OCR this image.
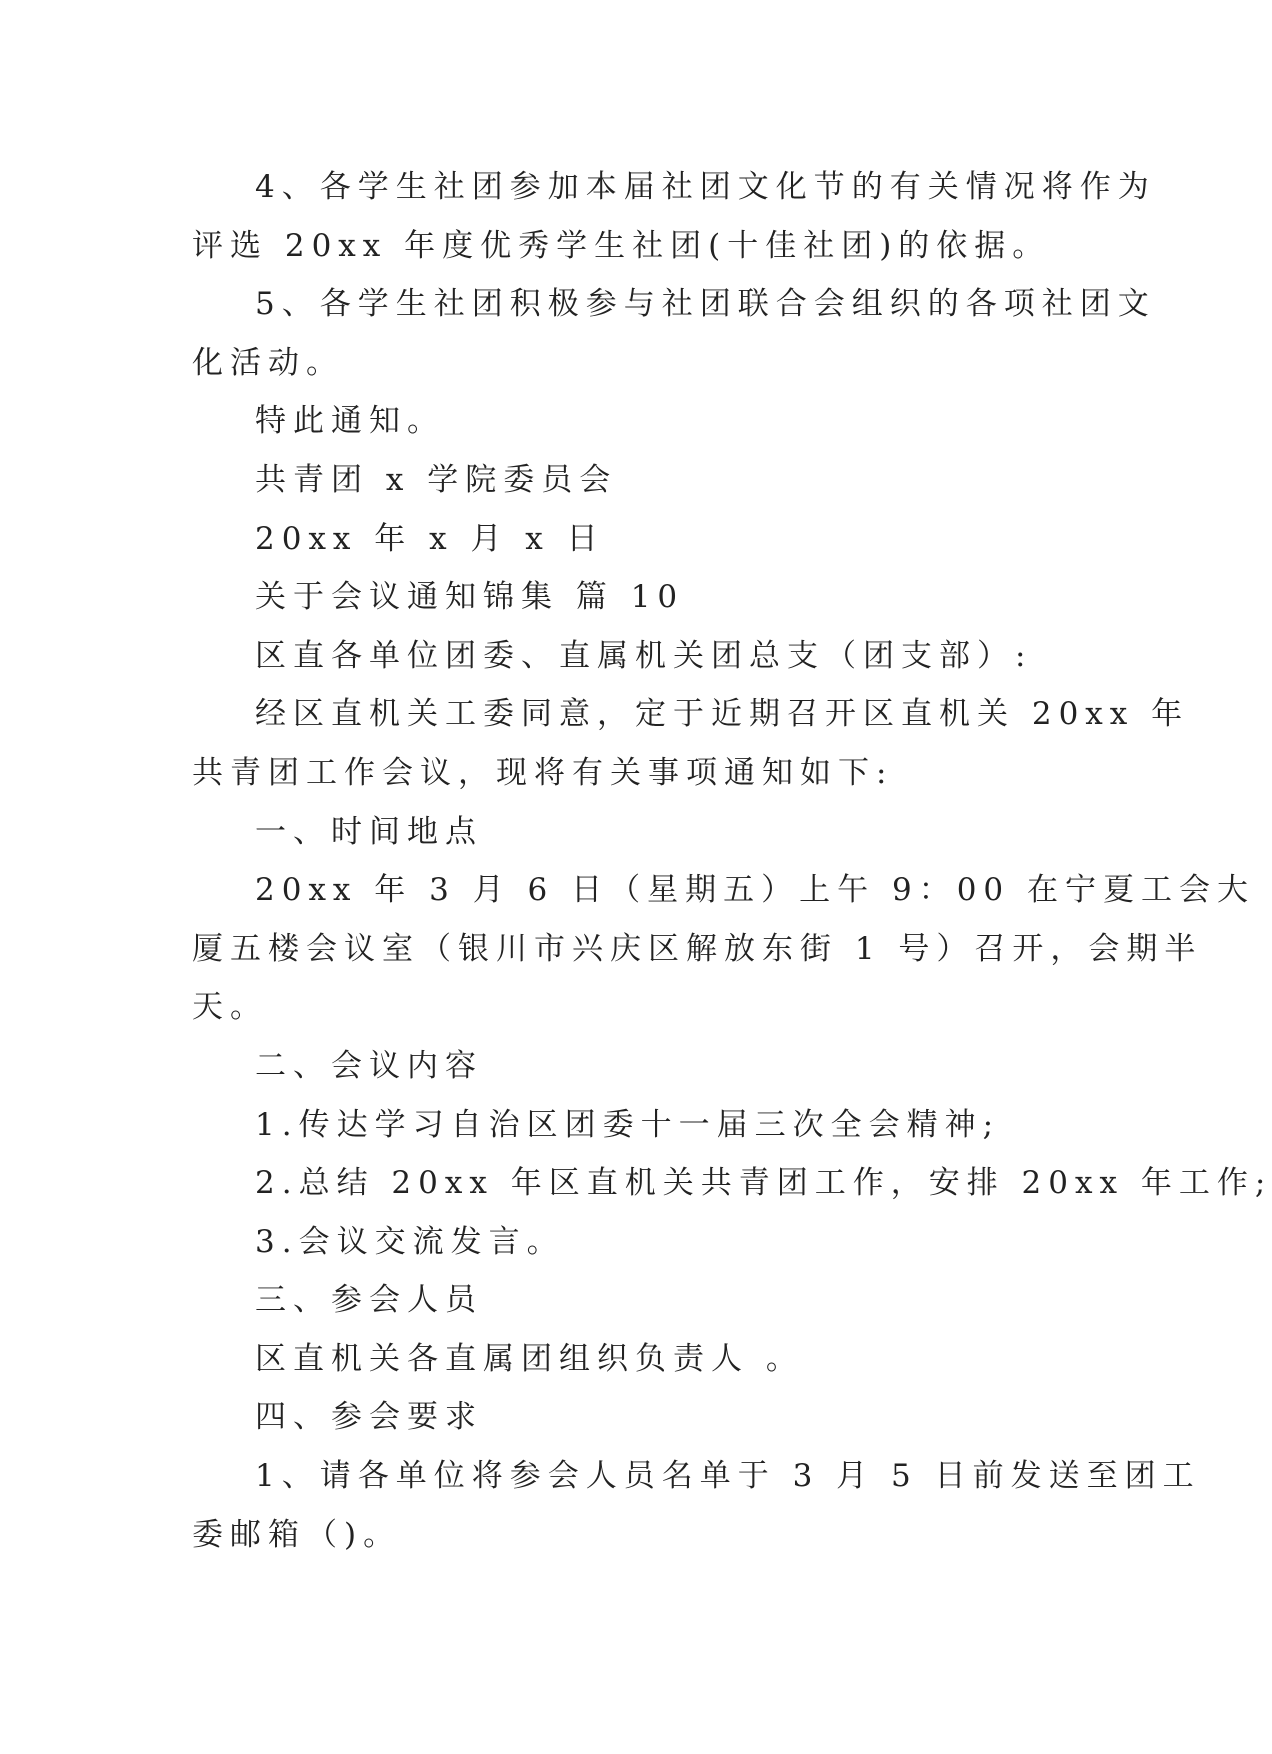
4、各学生社团参加本届社团文化节的有关情况将作为
评选 20xx 年度优秀学生社团(十佳社团)的依据。
5、各学生社团积极参与社团联合会组织的各项社团文
化活动。
特此通知。
共青团 x 学院委员会
20xx 年 x 月 x 日
关于会议通知锦集 篇 10
区直各单位团委、直属机关团总支（团支部）:
经区直机关工委同意，定于近期召开区直机关 20xx 年
共青团工作会议，现将有关事项通知如下:
一、时间地点
20xx 年 3 月 6 日（星期五）上午 9：00 在宁夏工会大
厦五楼会议室（银川市兴庆区解放东街 1 号）召开，会期半
天。
二、会议内容
1.传达学习自治区团委十一届三次全会精神;
2.总结 20xx 年区直机关共青团工作，安排 20xx 年工作;
3.会议交流发言。
三、参会人员
区直机关各直属团组织负责人 。
四、参会要求
1、请各单位将参会人员名单于 3 月 5 日前发送至团工
委邮箱（)。
